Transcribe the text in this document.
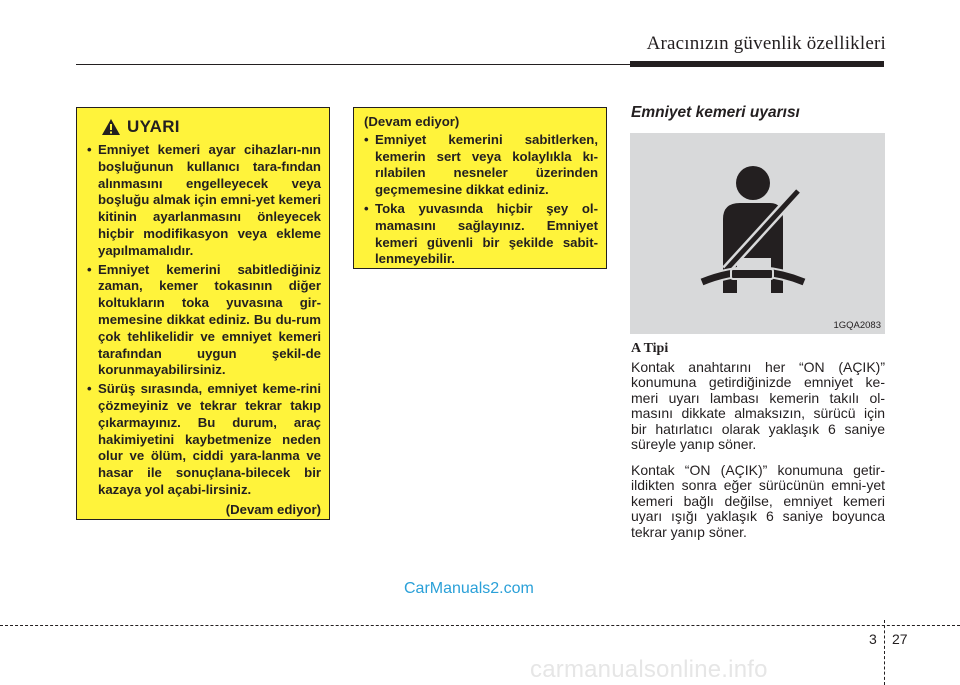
Aracınızın güvenlik özellikleri
UYARI
• Emniyet kemeri ayar cihazları-nın boşluğunun kullanıcı tara-fından alınmasını engelleyecek veya boşluğu almak için emni-yet kemeri kitinin ayarlanmasını önleyecek hiçbir modifikasyon veya ekleme yapılmamalıdır.
• Emniyet kemerini sabitlediğiniz zaman, kemer tokasının diğer koltukların toka yuvasına gir-memesine dikkat ediniz. Bu du-rum çok tehlikelidir ve emniyet kemeri tarafından uygun şekil-de korunmayabilirsiniz.
• Sürüş sırasında, emniyet keme-rini çözmeyiniz ve tekrar tekrar takıp çıkarmayınız. Bu durum, araç hakimiyetini kaybetmenize neden olur ve ölüm, ciddi yara-lanma ve hasar ile sonuçlana-bilecek bir kazaya yol açabi-lirsiniz.
(Devam ediyor)
(Devam ediyor)
• Emniyet kemerini sabitlerken, kemerin sert veya kolaylıkla kı-rılabilen nesneler üzerinden geçmemesine dikkat ediniz.
• Toka yuvasında hiçbir şey ol-mamasını sağlayınız. Emniyet kemeri güvenli bir şekilde sabit-lenmeyebilir.
Emniyet kemeri uyarısı
1GQA2083
A Tipi
Kontak anahtarını her “ON (AÇIK)” konumuna getirdiğinizde emniyet ke-meri uyarı lambası kemerin takılı ol-masını dikkate almaksızın, sürücü için bir hatırlatıcı olarak yaklaşık 6 saniye süreyle yanıp söner.
Kontak “ON (AÇIK)” konumuna getir-ildikten sonra eğer sürücünün emni-yet kemeri bağlı değilse, emniyet kemeri uyarı ışığı yaklaşık 6 saniye boyunca tekrar yanıp söner.
CarManuals2.com
3 27
carmanualsonline.info
